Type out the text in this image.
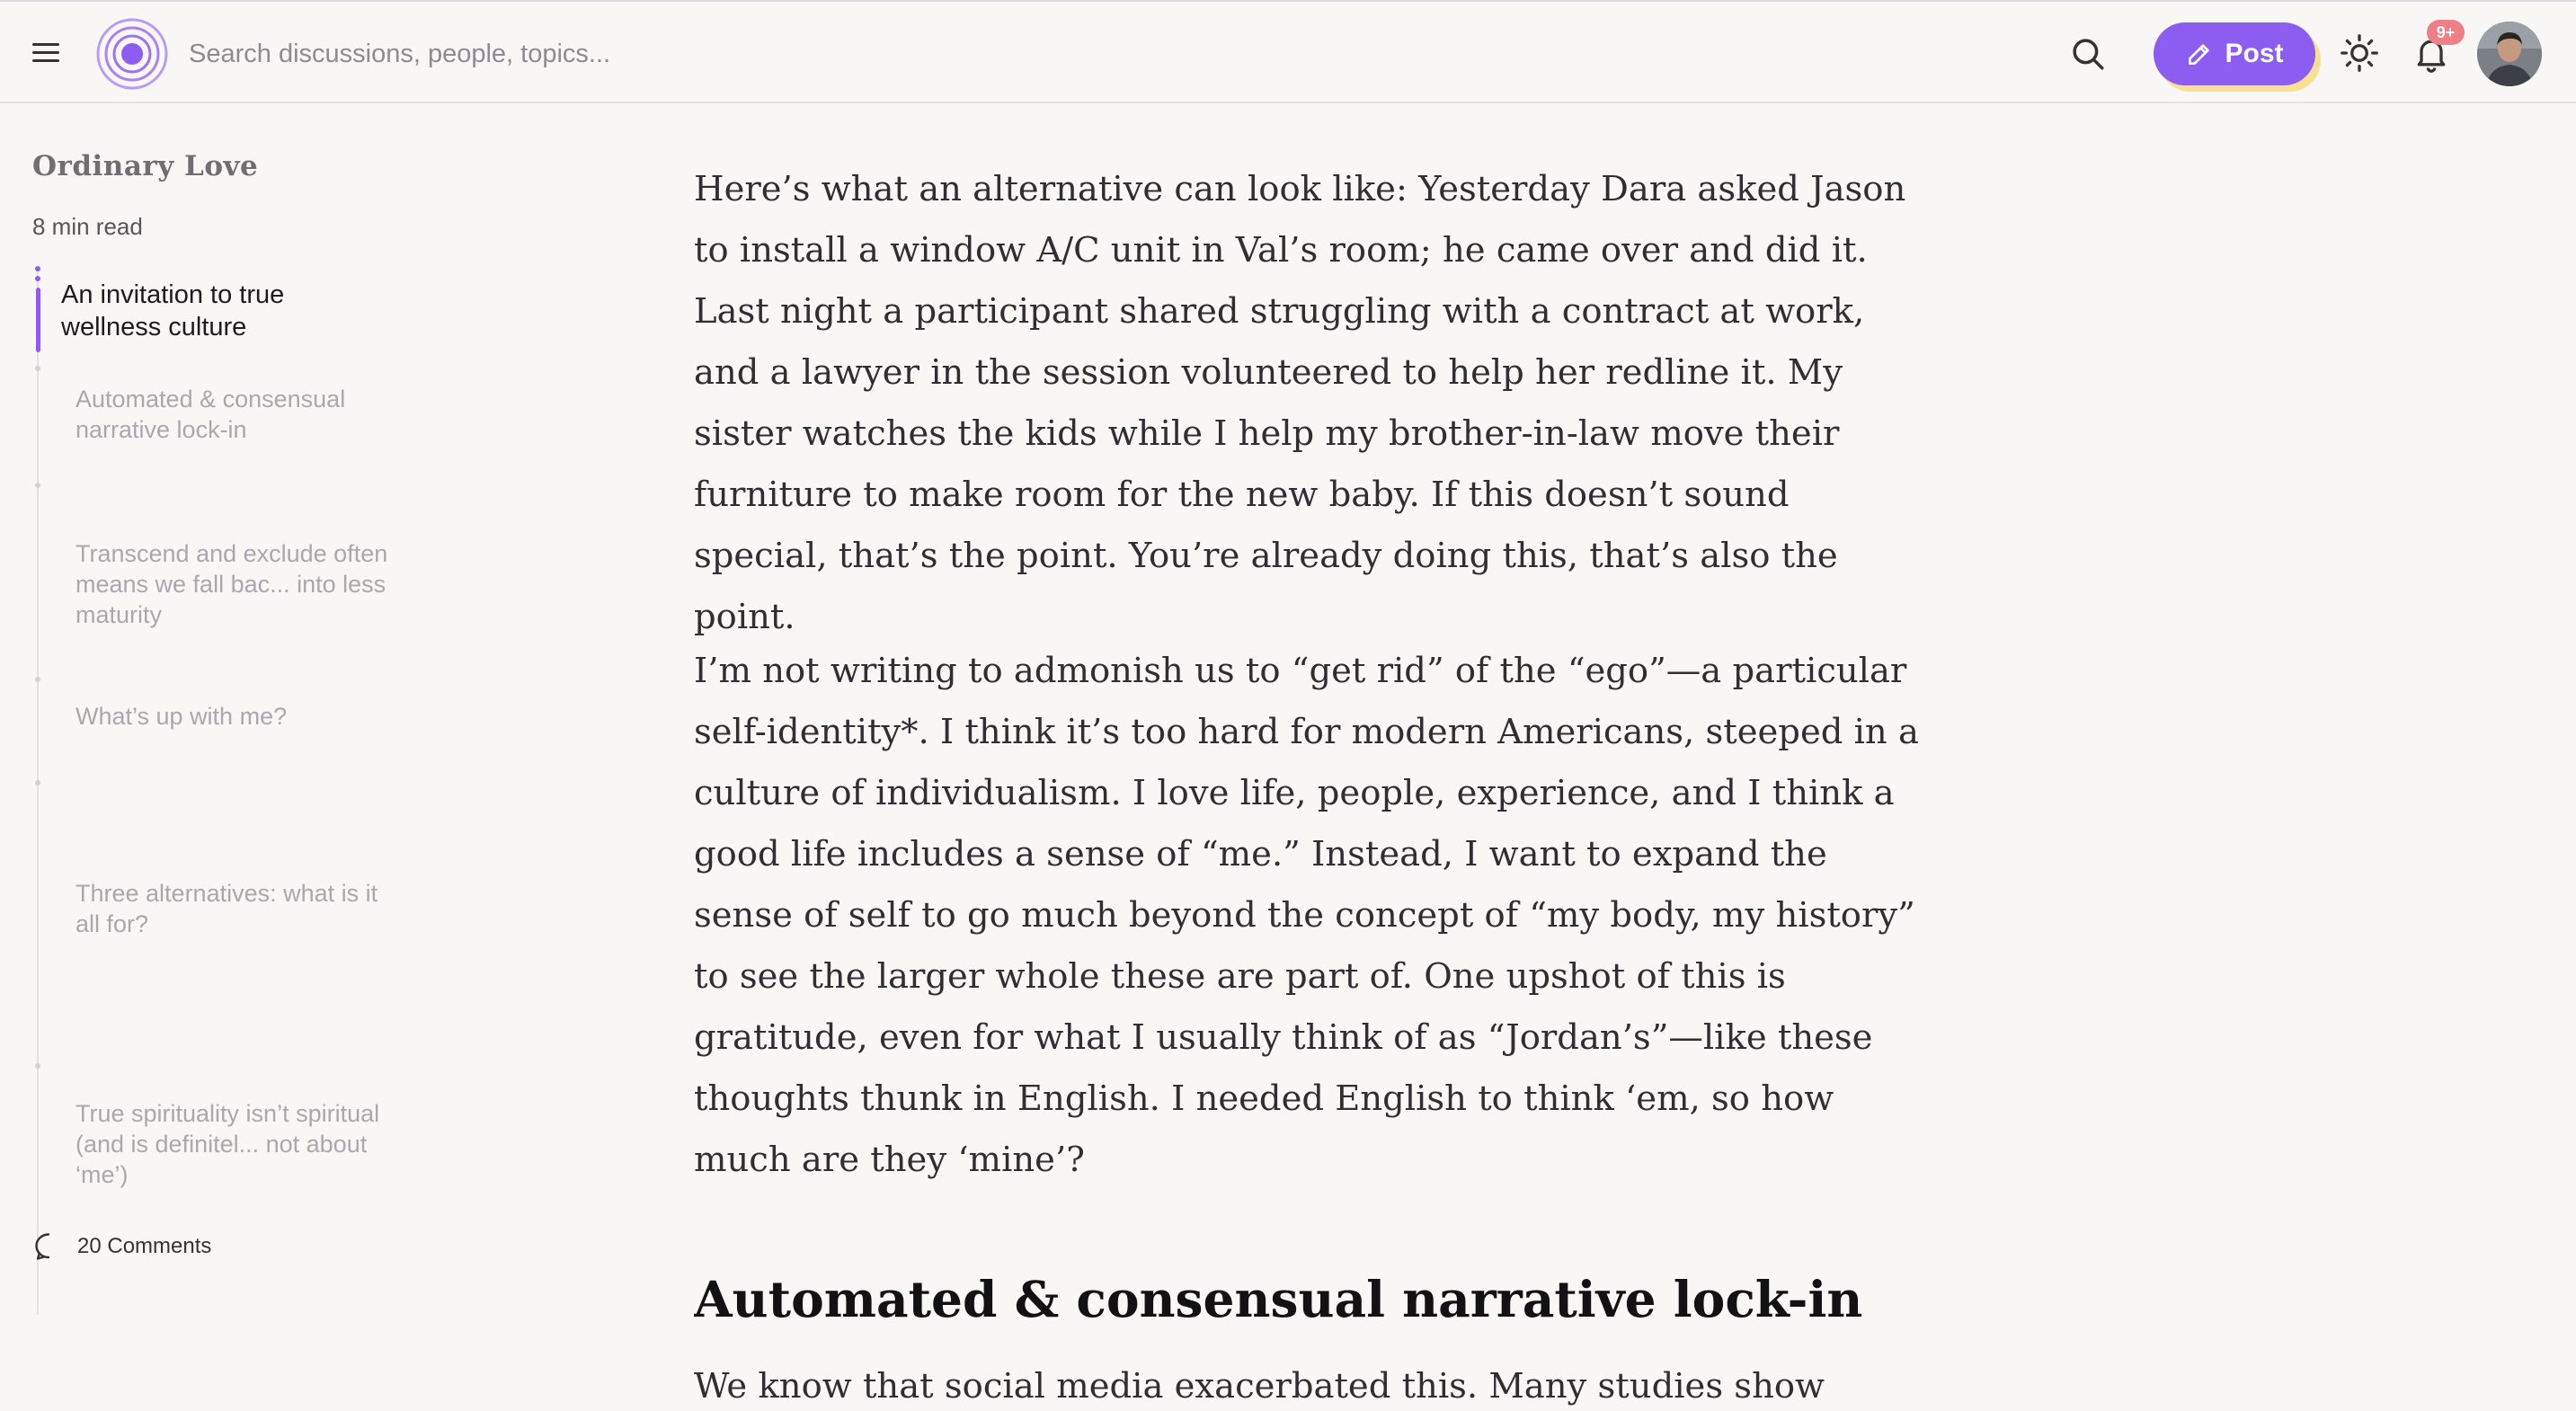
Search discussions, people, topics...
Post
9+
Ordinary Love
8 min read
An invitation to true wellness culture
Automated & consensual narrative lock-in
Transcend and exclude often means we fall bac... into less maturity
What’s up with me?
Three alternatives: what is it all for?
True spirituality isn’t spiritual (and is definitel... not about ‘me’)
20 Comments

Here’s what an alternative can look like: Yesterday Dara asked Jason to install a window A/C unit in Val’s room; he came over and did it. Last night a participant shared struggling with a contract at work, and a lawyer in the session volunteered to help her redline it. My sister watches the kids while I help my brother-in-law move their furniture to make room for the new baby. If this doesn’t sound special, that’s the point. You’re already doing this, that’s also the point.

I’m not writing to admonish us to “get rid” of the “ego”—a particular self-identity*. I think it’s too hard for modern Americans, steeped in a culture of individualism. I love life, people, experience, and I think a good life includes a sense of “me.” Instead, I want to expand the sense of self to go much beyond the concept of “my body, my history” to see the larger whole these are part of. One upshot of this is gratitude, even for what I usually think of as “Jordan’s”—like these thoughts thunk in English. I needed English to think ‘em, so how much are they ‘mine’?

Automated & consensual narrative lock-in

We know that social media exacerbated this. Many studies show
